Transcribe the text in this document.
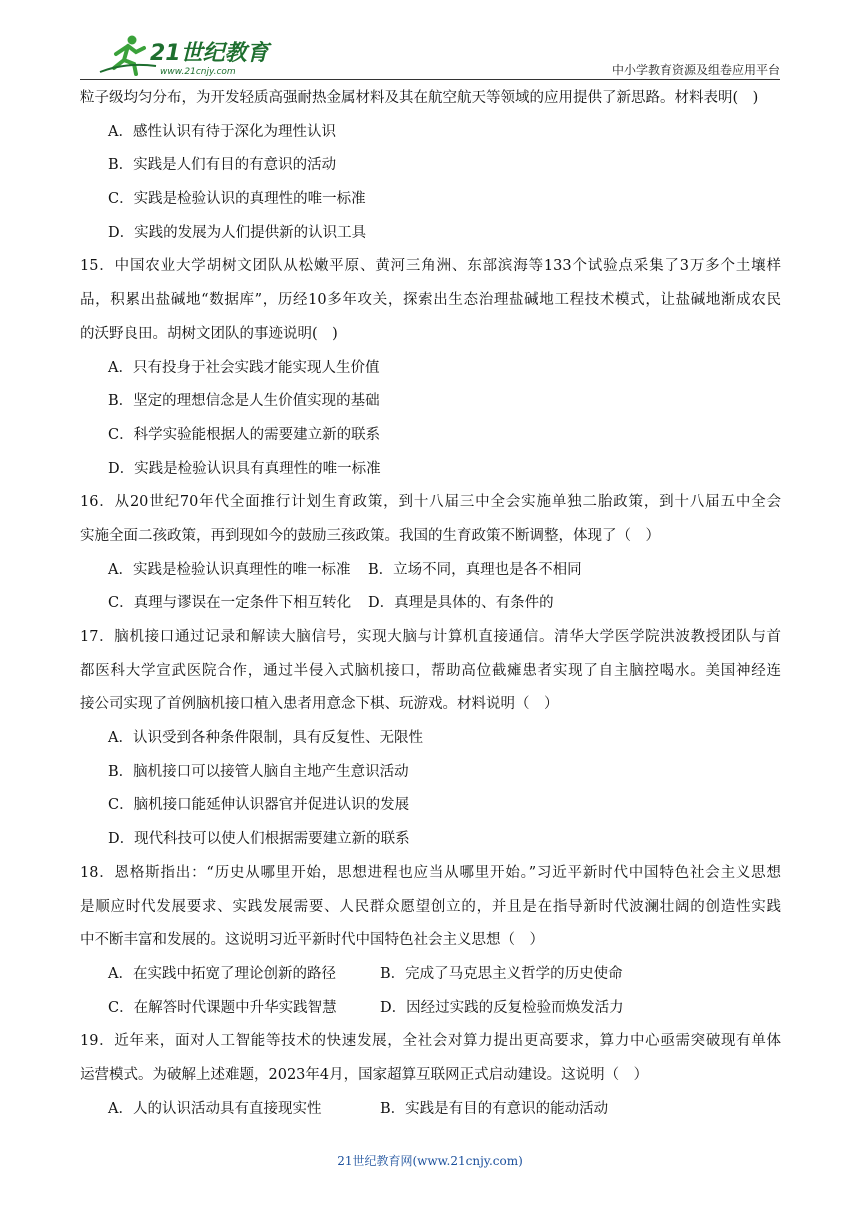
21世纪教育
www.21cnjy.com	中小学教育资源及组卷应用平台
粒子级均匀分布，为开发轻质高强耐热金属材料及其在航空航天等领域的应用提供了新思路。材料表明(　)
A．感性认识有待于深化为理性认识
B．实践是人们有目的有意识的活动
C．实践是检验认识的真理性的唯一标准
D．实践的发展为人们提供新的认识工具
15．中国农业大学胡树文团队从松嫩平原、黄河三角洲、东部滨海等133个试验点采集了3万多个土壤样
品，积累出盐碱地“数据库”，历经10多年攻关，探索出生态治理盐碱地工程技术模式，让盐碱地渐成农民
的沃野良田。胡树文团队的事迹说明(　)
A．只有投身于社会实践才能实现人生价值
B．坚定的理想信念是人生价值实现的基础
C．科学实验能根据人的需要建立新的联系
D．实践是检验认识具有真理性的唯一标准
16．从20世纪70年代全面推行计划生育政策，到十八届三中全会实施单独二胎政策，到十八届五中全会
实施全面二孩政策，再到现如今的鼓励三孩政策。我国的生育政策不断调整，体现了（　）
A．实践是检验认识真理性的唯一标准	B．立场不同，真理也是各不相同
C．真理与谬误在一定条件下相互转化	D．真理是具体的、有条件的
17．脑机接口通过记录和解读大脑信号，实现大脑与计算机直接通信。清华大学医学院洪波教授团队与首
都医科大学宣武医院合作，通过半侵入式脑机接口，帮助高位截瘫患者实现了自主脑控喝水。美国神经连
接公司实现了首例脑机接口植入患者用意念下棋、玩游戏。材料说明（　）
A．认识受到各种条件限制，具有反复性、无限性
B．脑机接口可以接管人脑自主地产生意识活动
C．脑机接口能延伸认识器官并促进认识的发展
D．现代科技可以使人们根据需要建立新的联系
18．恩格斯指出：“历史从哪里开始，思想进程也应当从哪里开始。”习近平新时代中国特色社会主义思想
是顺应时代发展要求、实践发展需要、人民群众愿望创立的，并且是在指导新时代波澜壮阔的创造性实践
中不断丰富和发展的。这说明习近平新时代中国特色社会主义思想（　）
A．在实践中拓宽了理论创新的路径	B．完成了马克思主义哲学的历史使命
C．在解答时代课题中升华实践智慧	D．因经过实践的反复检验而焕发活力
19．近年来，面对人工智能等技术的快速发展，全社会对算力提出更高要求，算力中心亟需突破现有单体
运营模式。为破解上述难题，2023年4月，国家超算互联网正式启动建设。这说明（　）
A．人的认识活动具有直接现实性	B．实践是有目的有意识的能动活动
21世纪教育网(www.21cnjy.com)
